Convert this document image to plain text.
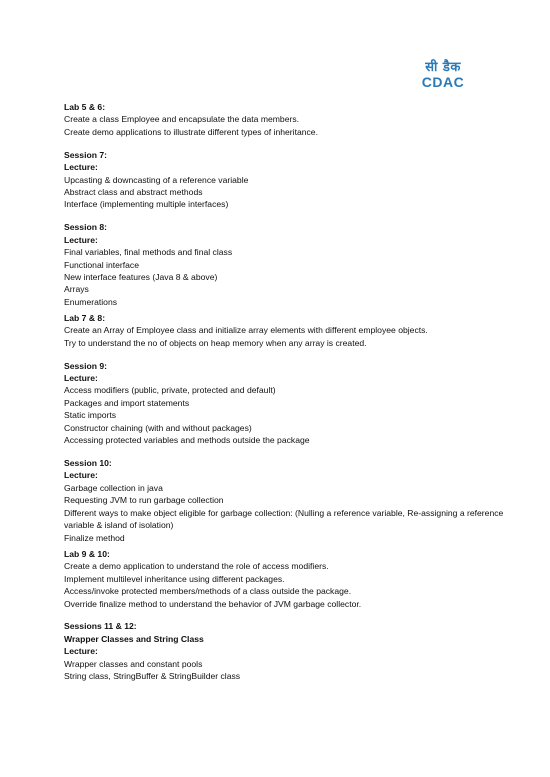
सी डैक
CDAC
Lab 5 & 6:
Create a class Employee and encapsulate the data members.
Create demo applications to illustrate different types of inheritance.
Session 7:
Lecture:
Upcasting & downcasting of a reference variable
Abstract class and abstract methods
Interface (implementing multiple interfaces)
Session 8:
Lecture:
Final variables, final methods and final class
Functional interface
New interface features (Java 8 & above)
Arrays
Enumerations
Lab 7 & 8:
Create an Array of Employee class and initialize array elements with different employee objects.
Try to understand the no of objects on heap memory when any array is created.
Session 9:
Lecture:
Access modifiers (public, private, protected and default)
Packages and import statements
Static imports
Constructor chaining (with and without packages)
Accessing protected variables and methods outside the package
Session 10:
Lecture:
Garbage collection in java
Requesting JVM to run garbage collection
Different ways to make object eligible for garbage collection: (Nulling a reference variable, Re-assigning a reference variable & island of isolation)
Finalize method
Lab 9 & 10:
Create a demo application to understand the role of access modifiers.
Implement multilevel inheritance using different packages.
Access/invoke protected members/methods of a class outside the package.
Override finalize method to understand the behavior of JVM garbage collector.
Sessions 11 & 12:
Wrapper Classes and String Class
Lecture:
Wrapper classes and constant pools
String class, StringBuffer & StringBuilder class
